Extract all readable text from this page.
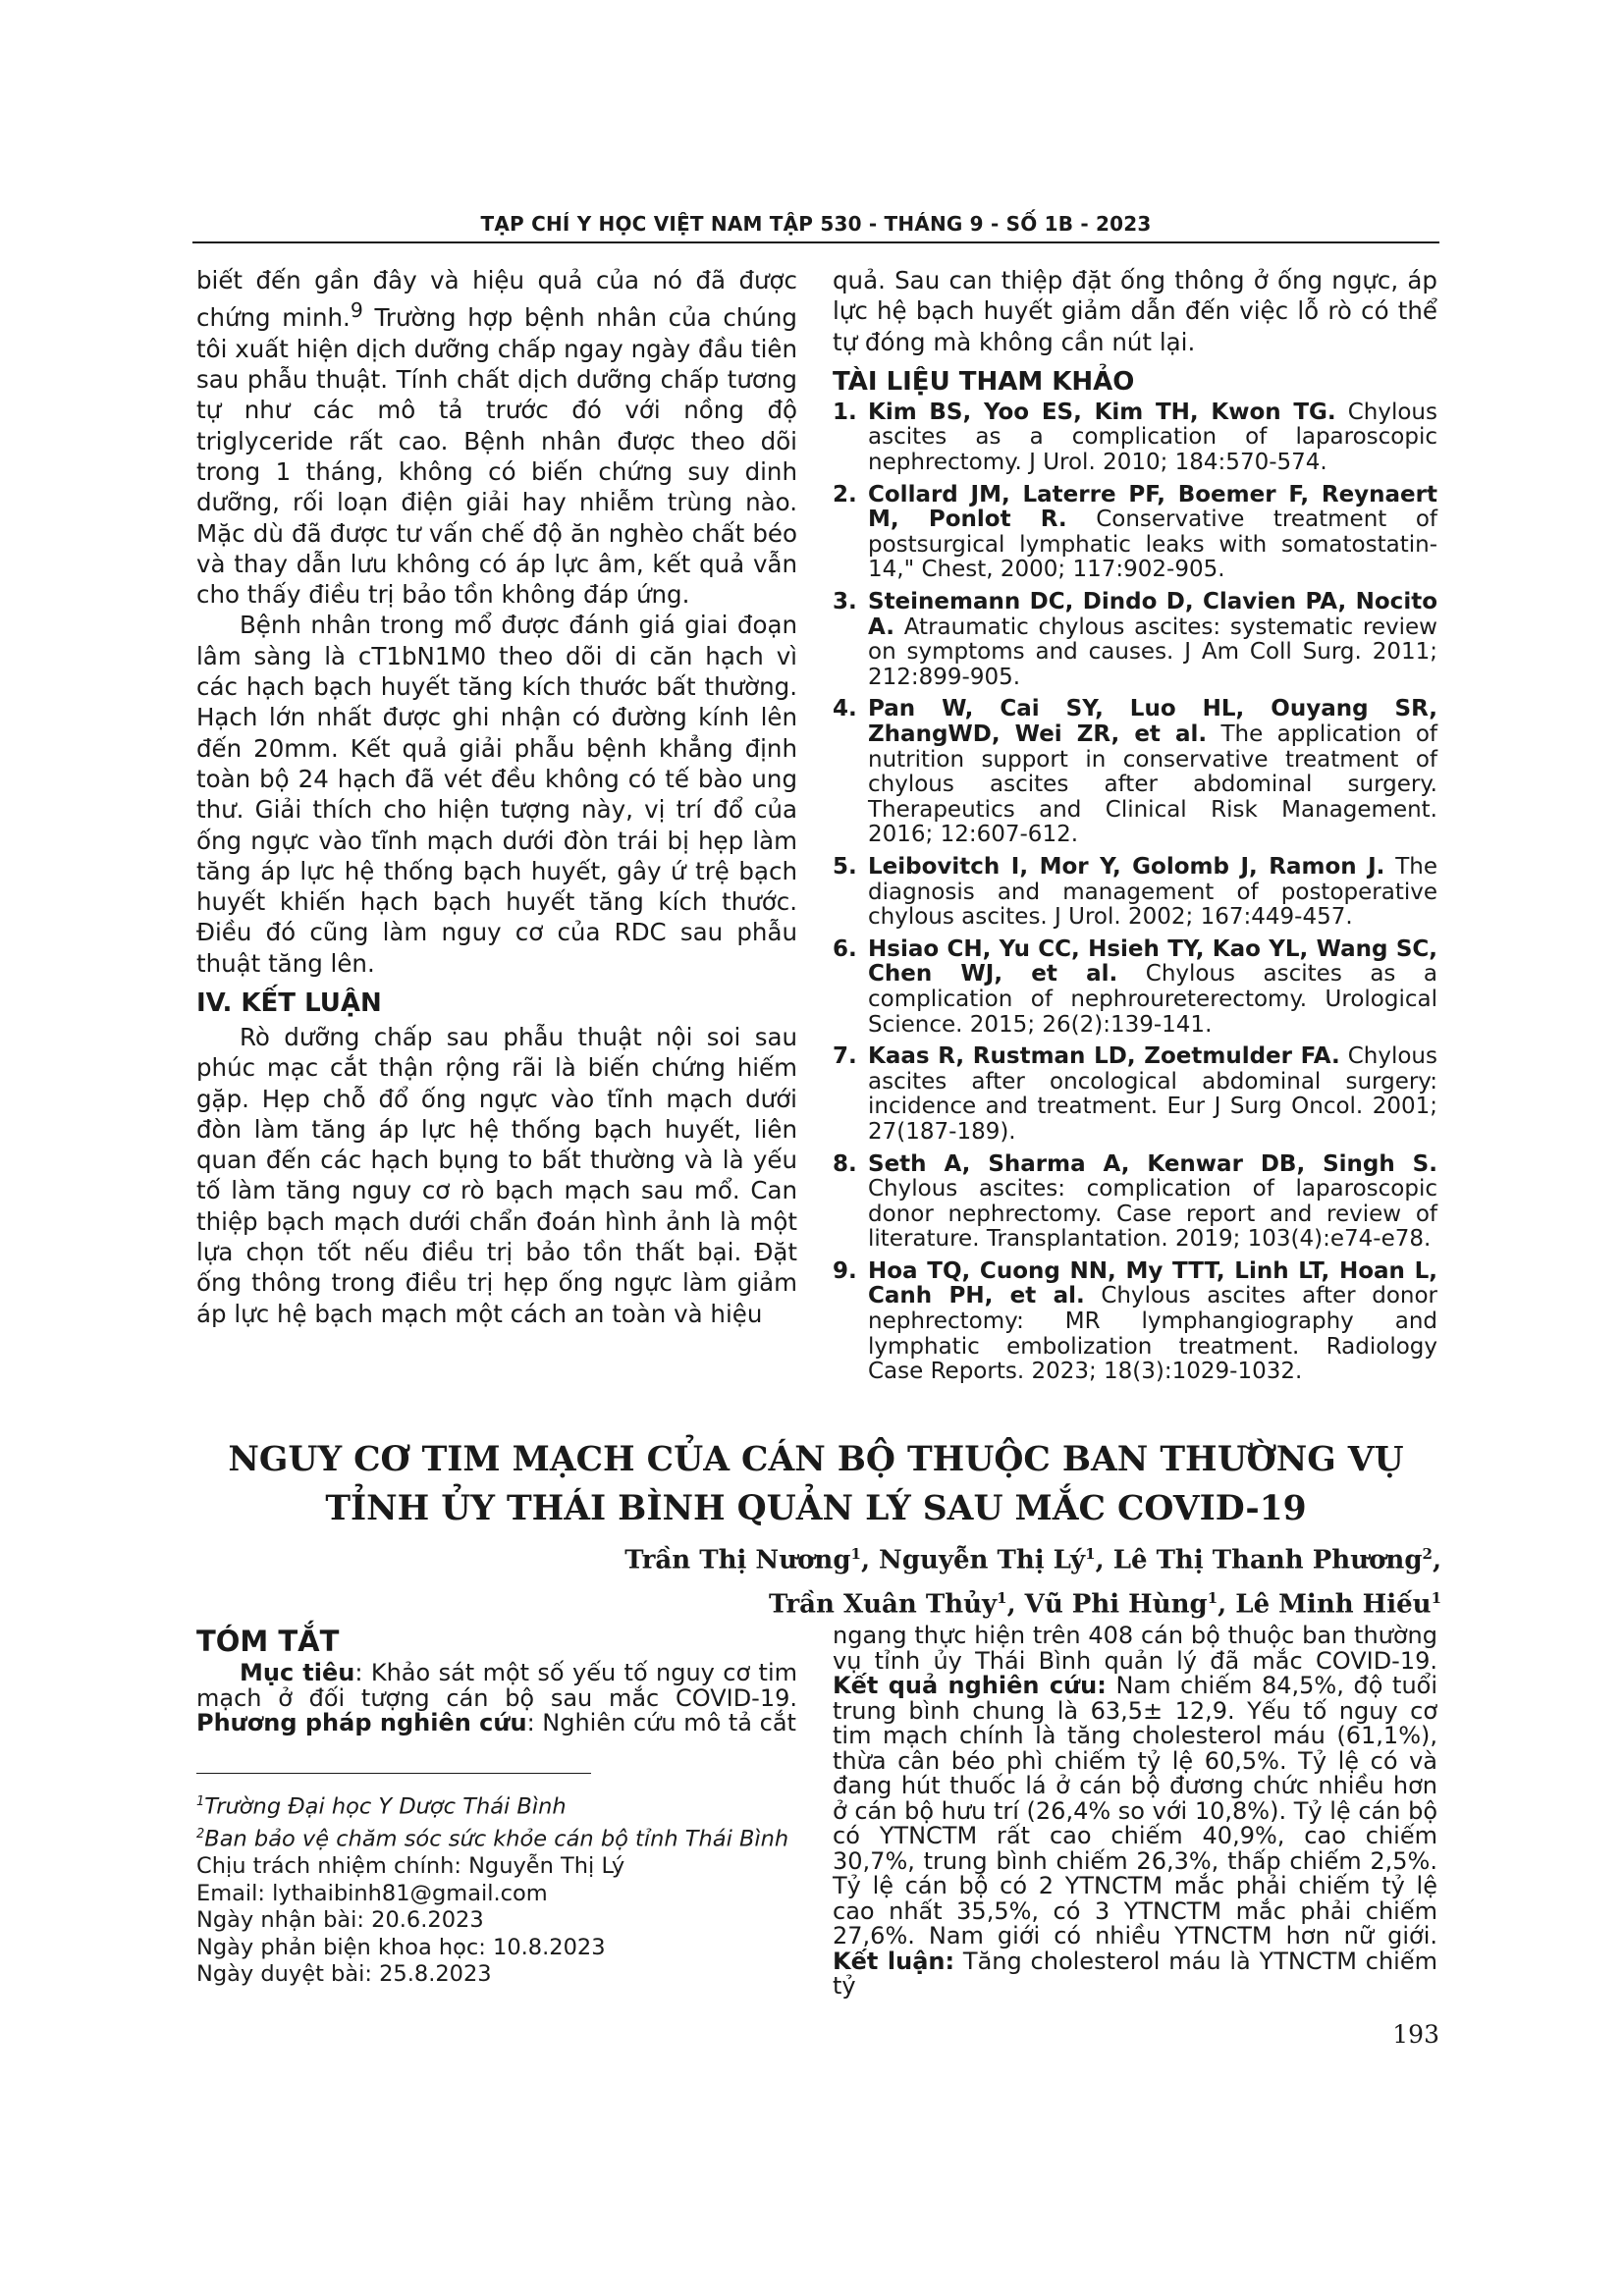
TẠP CHÍ Y HỌC VIỆT NAM TẬP 530 - THÁNG 9 - SỐ 1B - 2023

biết đến gần đây và hiệu quả của nó đã được chứng minh.$^9$ Trường hợp bệnh nhân của chúng tôi xuất hiện dịch dưỡng chấp ngay ngày đầu tiên sau phẫu thuật. Tính chất dịch dưỡng chấp tương tự như các mô tả trước đó với nồng độ triglyceride rất cao. Bệnh nhân được theo dõi trong 1 tháng, không có biến chứng suy dinh dưỡng, rối loạn điện giải hay nhiễm trùng nào. Mặc dù đã được tư vấn chế độ ăn nghèo chất béo và thay dẫn lưu không có áp lực âm, kết quả vẫn cho thấy điều trị bảo tồn không đáp ứng.

Bệnh nhân trong mổ được đánh giá giai đoạn lâm sàng là cT1bN1M0 theo dõi di căn hạch vì các hạch bạch huyết tăng kích thước bất thường. Hạch lớn nhất được ghi nhận có đường kính lên đến 20mm. Kết quả giải phẫu bệnh khẳng định toàn bộ 24 hạch đã vét đều không có tế bào ung thư. Giải thích cho hiện tượng này, vị trí đổ của ống ngực vào tĩnh mạch dưới đòn trái bị hẹp làm tăng áp lực hệ thống bạch huyết, gây ứ trệ bạch huyết khiến hạch bạch huyết tăng kích thước. Điều đó cũng làm nguy cơ của RDC sau phẫu thuật tăng lên.

IV. KẾT LUẬN

Rò dưỡng chấp sau phẫu thuật nội soi sau phúc mạc cắt thận rộng rãi là biến chứng hiếm gặp. Hẹp chỗ đổ ống ngực vào tĩnh mạch dưới đòn làm tăng áp lực hệ thống bạch huyết, liên quan đến các hạch bụng to bất thường và là yếu tố làm tăng nguy cơ rò bạch mạch sau mổ. Can thiệp bạch mạch dưới chẩn đoán hình ảnh là một lựa chọn tốt nếu điều trị bảo tồn thất bại. Đặt ống thông trong điều trị hẹp ống ngực làm giảm áp lực hệ bạch mạch một cách an toàn và hiệu

quả. Sau can thiệp đặt ống thông ở ống ngực, áp lực hệ bạch huyết giảm dẫn đến việc lỗ rò có thể tự đóng mà không cần nút lại.

TÀI LIỆU THAM KHẢO
1. Kim BS, Yoo ES, Kim TH, Kwon TG. Chylous ascites as a complication of laparoscopic nephrectomy. J Urol. 2010; 184:570-574.
2. Collard JM, Laterre PF, Boemer F, Reynaert M, Ponlot R. Conservative treatment of postsurgical lymphatic leaks with somatostatin-14," Chest, 2000; 117:902-905.
3. Steinemann DC, Dindo D, Clavien PA, Nocito A. Atraumatic chylous ascites: systematic review on symptoms and causes. J Am Coll Surg. 2011; 212:899-905.
4. Pan W, Cai SY, Luo HL, Ouyang SR, ZhangWD, Wei ZR, et al. The application of nutrition support in conservative treatment of chylous ascites after abdominal surgery. Therapeutics and Clinical Risk Management. 2016; 12:607-612.
5. Leibovitch I, Mor Y, Golomb J, Ramon J. The diagnosis and management of postoperative chylous ascites. J Urol. 2002; 167:449-457.
6. Hsiao CH, Yu CC, Hsieh TY, Kao YL, Wang SC, Chen WJ, et al. Chylous ascites as a complication of nephroureterectomy. Urological Science. 2015; 26(2):139-141.
7. Kaas R, Rustman LD, Zoetmulder FA. Chylous ascites after oncological abdominal surgery: incidence and treatment. Eur J Surg Oncol. 2001; 27(187-189).
8. Seth A, Sharma A, Kenwar DB, Singh S. Chylous ascites: complication of laparoscopic donor nephrectomy. Case report and review of literature. Transplantation. 2019; 103(4):e74-e78.
9. Hoa TQ, Cuong NN, My TTT, Linh LT, Hoan L, Canh PH, et al. Chylous ascites after donor nephrectomy: MR lymphangiography and lymphatic embolization treatment. Radiology Case Reports. 2023; 18(3):1029-1032.
NGUY CƠ TIM MẠCH CỦA CÁN BỘ THUỘC BAN THƯỜNG VỤ
TỈNH ỦY THÁI BÌNH QUẢN LÝ SAU MẮC COVID-19
Trần Thị Nương$^1$, Nguyễn Thị $Lý^1$, Lê Thị Thanh Phương$^2$,
Trần Xuân Thủy$^1$, Vũ Phi Hùng$^1$, Lê Minh Hiếu$^1$
TÓM TẮT

Mục tiêu: Khảo sát một số yếu tố nguy cơ tim mạch ở đối tượng cán bộ sau mắc COVID-19. Phương pháp nghiên cứu: Nghiên cứu mô tả cắt

ngang thực hiện trên 408 cán bộ thuộc ban thường vụ tỉnh ủy Thái Bình quản lý đã mắc COVID-19. Kết quả nghiên cứu: Nam chiếm 84,5%, độ tuổi trung bình chung là 63,5± 12,9. Yếu tố nguy cơ tim mạch chính là tăng cholesterol máu (61,1%), thừa cân béo phì chiếm tỷ lệ 60,5%. Tỷ lệ có và đang hút thuốc lá ở cán bộ đương chức nhiều hơn ở cán bộ hưu trí (26,4% so với 10,8%). Tỷ lệ cán bộ có YTNCTM rất cao chiếm 40,9%, cao chiếm 30,7%, trung bình chiếm 26,3%, thấp chiếm 2,5%. Tỷ lệ cán bộ có 2 YTNCTM mắc phải chiếm tỷ lệ cao nhất 35,5%, có 3 YTNCTM mắc phải chiếm 27,6%. Nam giới có nhiều YTNCTM hơn nữ giới. Kết luận: Tăng cholesterol máu là YTNCTM chiếm tỷ

$^1$Trường Đại học Y Dược Thái Bình

$^2$Ban bảo vệ chăm sóc sức khỏe cán bộ tỉnh Thái Bình

Chịu trách nhiệm chính: Nguyễn Thị Lý

Email: lythaibinh81@gmail.com

Ngày nhận bài: 20.6.2023

Ngày phản biện khoa học: 10.8.2023

Ngày duyệt bài: 25.8.2023

193
